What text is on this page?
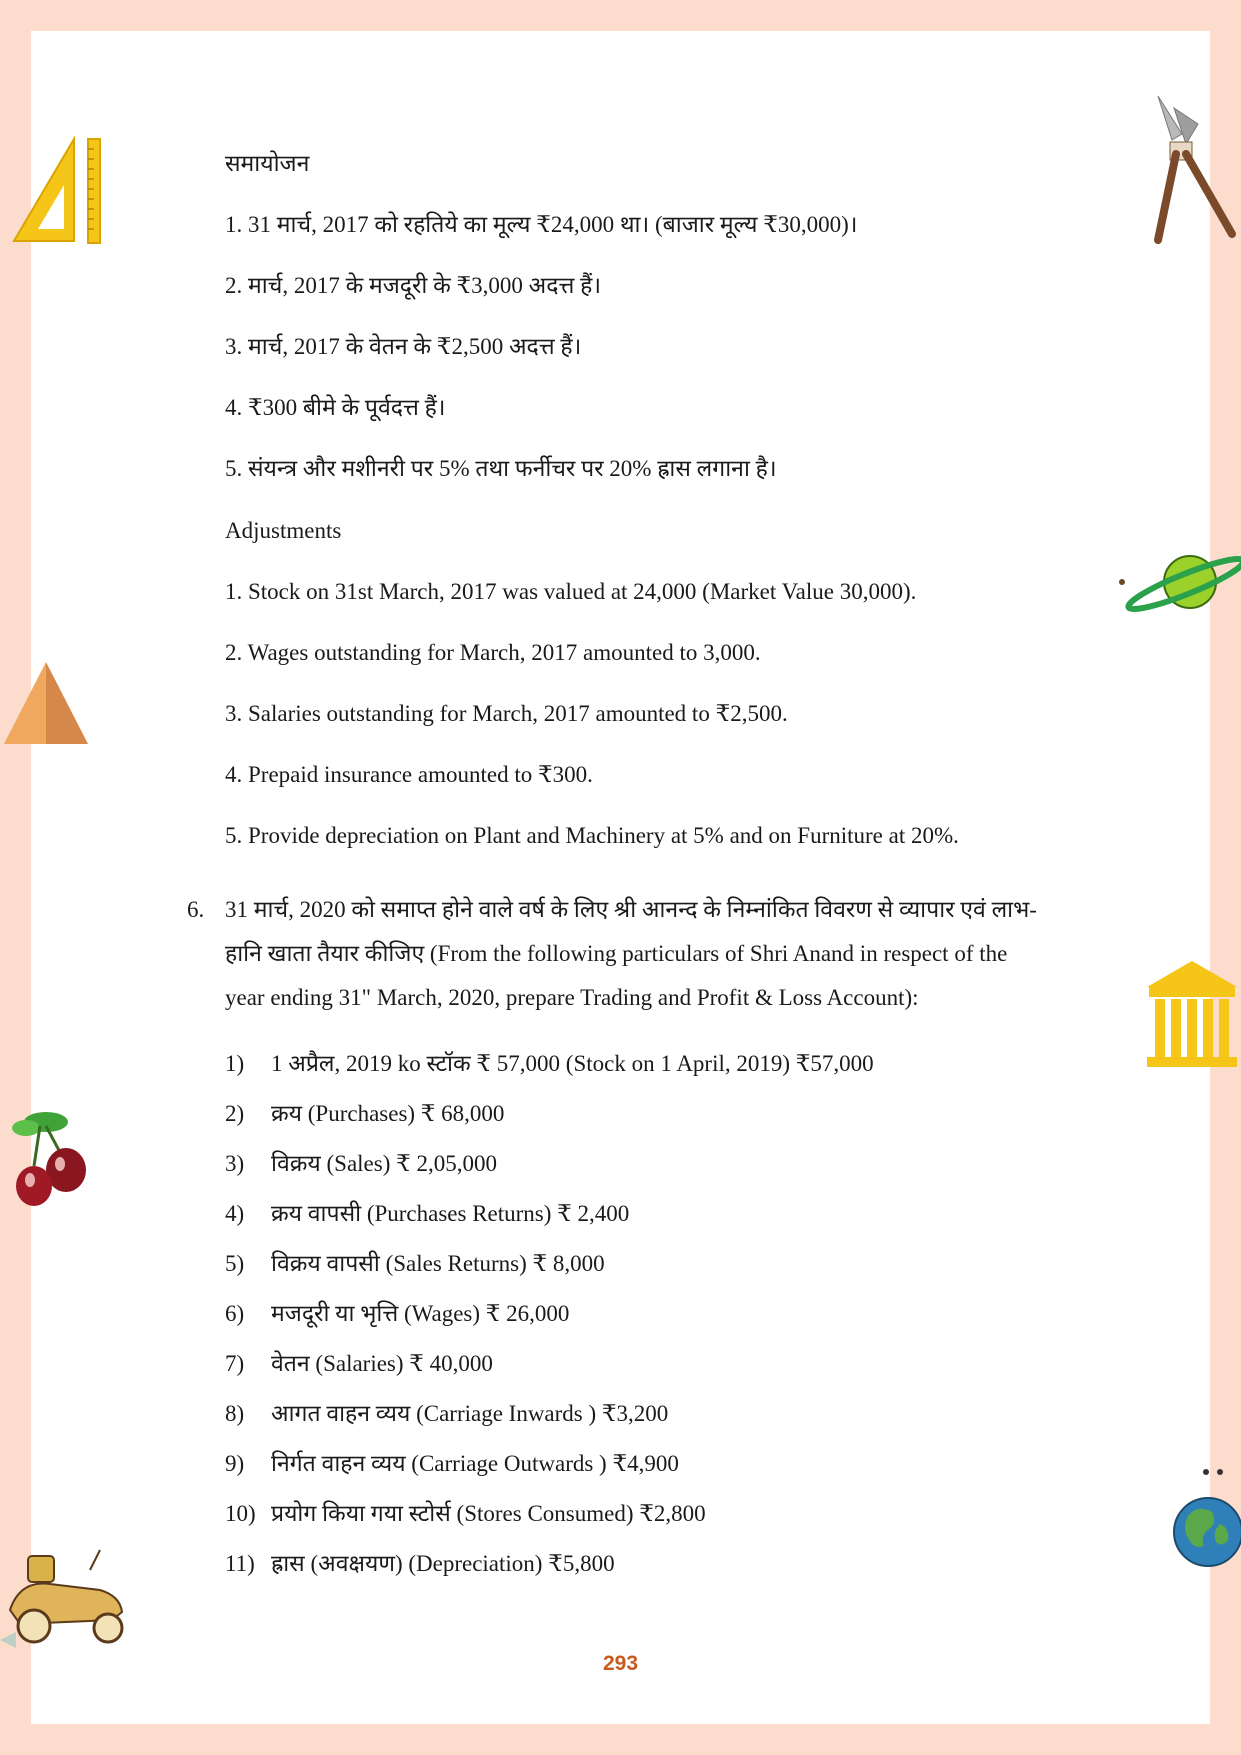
समायोजन
1. 31 मार्च, 2017 को रहतिये का मूल्य ₹24,000 था। (बाजार मूल्य ₹30,000)।
2. मार्च, 2017 के मजदूरी के ₹3,000 अदत्त हैं।
3. मार्च, 2017 के वेतन के ₹2,500 अदत्त हैं।
4. ₹300 बीमे के पूर्वदत्त हैं।
5. संयन्त्र और मशीनरी पर 5% तथा फर्नीचर पर 20% ह्रास लगाना है।
Adjustments
1. Stock on 31st March, 2017 was valued at 24,000 (Market Value 30,000).
2. Wages outstanding for March, 2017 amounted to 3,000.
3. Salaries outstanding for March, 2017 amounted to ₹2,500.
4. Prepaid insurance amounted to ₹300.
5. Provide depreciation on Plant and Machinery at 5% and on Furniture at 20%.
6. 31 मार्च, 2020 को समाप्त होने वाले वर्ष के लिए श्री आनन्द के निम्नांकित विवरण से व्यापार एवं लाभ-
हानि खाता तैयार कीजिए (From the following particulars of Shri Anand in respect of the
year ending 31" March, 2020, prepare Trading and Profit & Loss Account):
1) 1 अप्रैल, 2019 ko स्टॉक ₹ 57,000 (Stock on 1 April, 2019) ₹57,000
2) क्रय (Purchases) ₹ 68,000
3) विक्रय (Sales) ₹ 2,05,000
4) क्रय वापसी (Purchases Returns) ₹ 2,400
5) विक्रय वापसी (Sales Returns) ₹ 8,000
6) मजदूरी या भृत्ति (Wages) ₹ 26,000
7) वेतन (Salaries) ₹ 40,000
8) आगत वाहन व्यय (Carriage Inwards ) ₹3,200
9) निर्गत वाहन व्यय (Carriage Outwards ) ₹4,900
10) प्रयोग किया गया स्टोर्स (Stores Consumed) ₹2,800
11) ह्रास (अवक्षयण) (Depreciation) ₹5,800
293
